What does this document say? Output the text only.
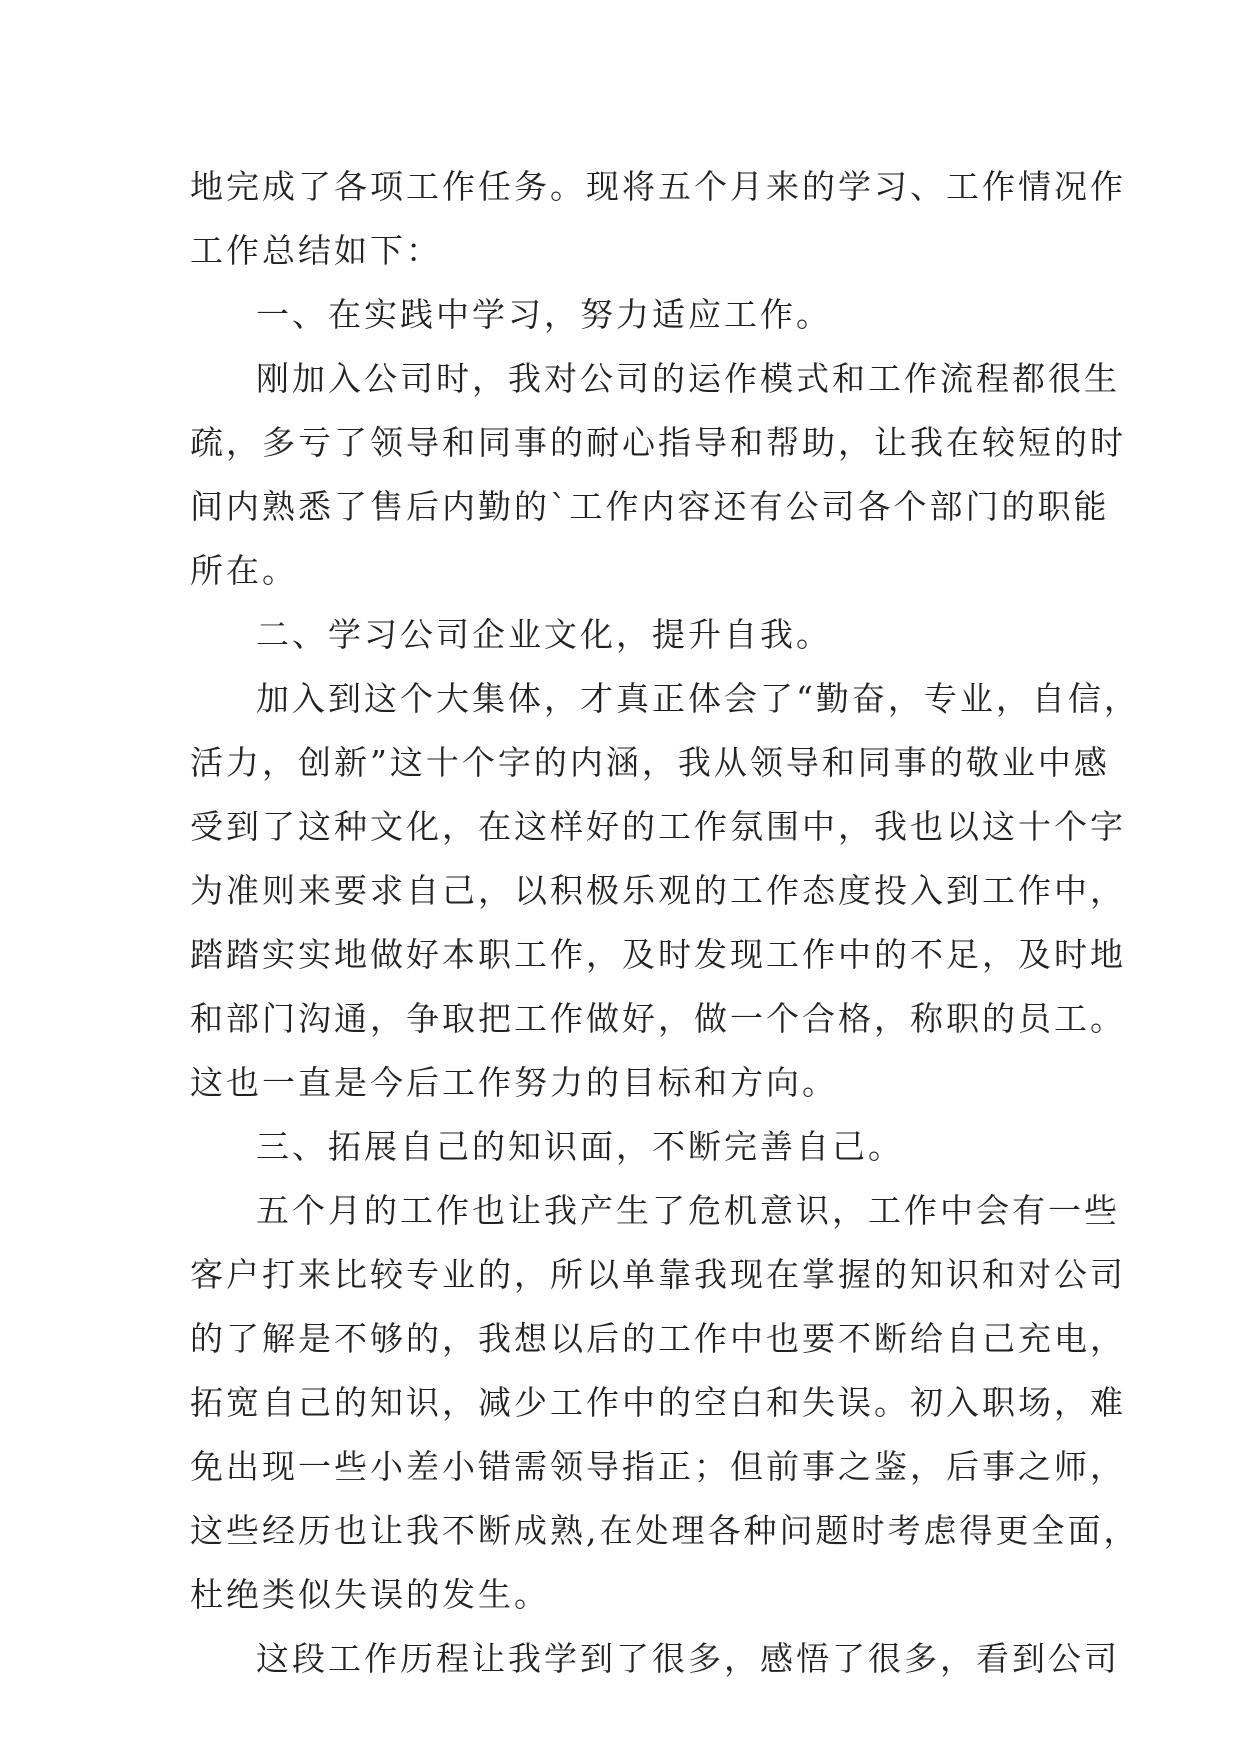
地完成了各项工作任务。现将五个月来的学习、工作情况作
工作总结如下：
一、在实践中学习，努力适应工作。
刚加入公司时，我对公司的运作模式和工作流程都很生
疏，多亏了领导和同事的耐心指导和帮助，让我在较短的时
间内熟悉了售后内勤的`工作内容还有公司各个部门的职能
所在。
二、学习公司企业文化，提升自我。
加入到这个大集体，才真正体会了“勤奋，专业，自信，
活力，创新”这十个字的内涵，我从领导和同事的敬业中感
受到了这种文化，在这样好的工作氛围中，我也以这十个字
为准则来要求自己，以积极乐观的工作态度投入到工作中，
踏踏实实地做好本职工作，及时发现工作中的不足，及时地
和部门沟通，争取把工作做好，做一个合格，称职的员工。
这也一直是今后工作努力的目标和方向。
三、拓展自己的知识面，不断完善自己。
五个月的工作也让我产生了危机意识，工作中会有一些
客户打来比较专业的，所以单靠我现在掌握的知识和对公司
的了解是不够的，我想以后的工作中也要不断给自己充电，
拓宽自己的知识，减少工作中的空白和失误。初入职场，难
免出现一些小差小错需领导指正；但前事之鉴，后事之师，
这些经历也让我不断成熟,在处理各种问题时考虑得更全面，
杜绝类似失误的发生。
这段工作历程让我学到了很多，感悟了很多，看到公司
